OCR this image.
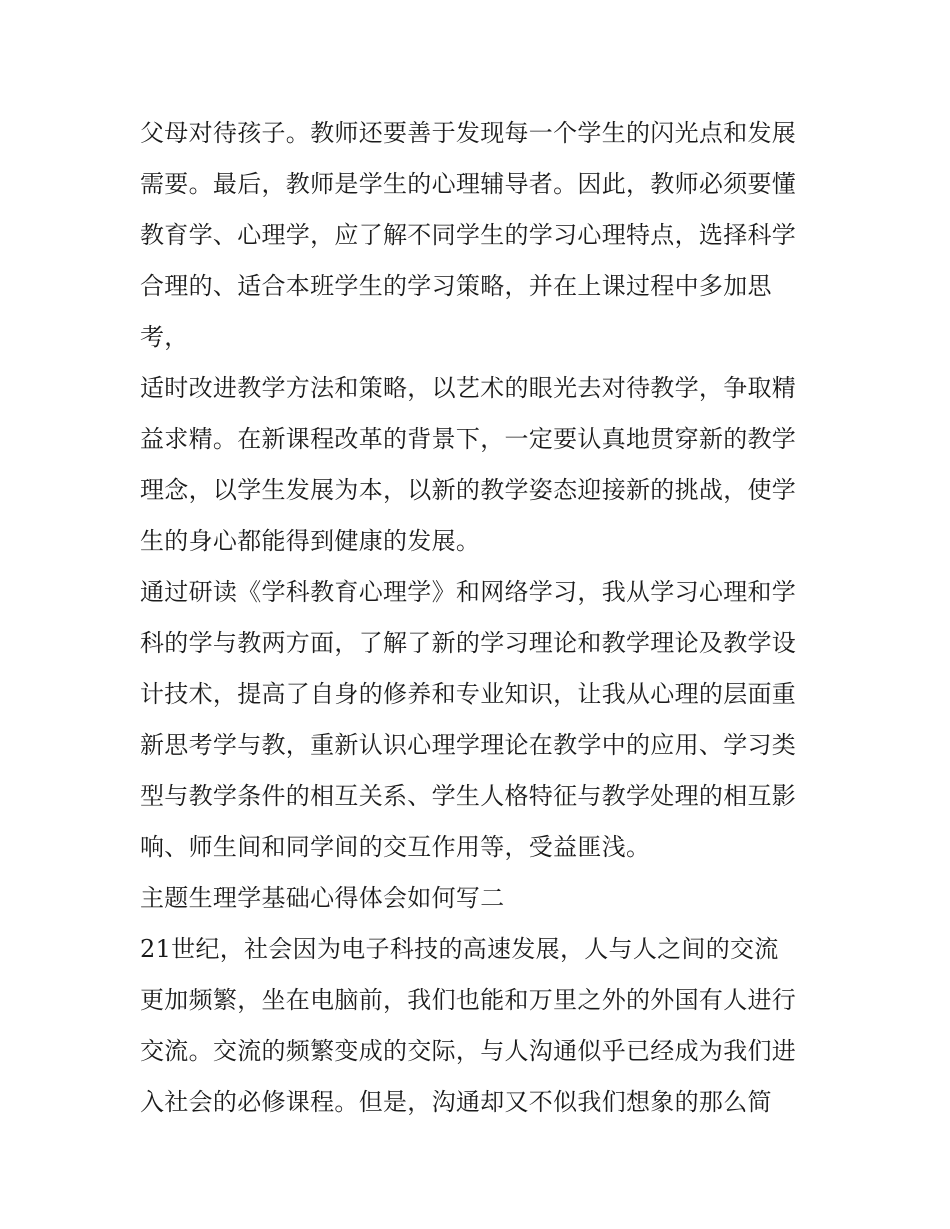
父母对待孩子。教师还要善于发现每一个学生的闪光点和发展
需要。最后，教师是学生的心理辅导者。因此，教师必须要懂
教育学、心理学，应了解不同学生的学习心理特点，选择科学
合理的、适合本班学生的学习策略，并在上课过程中多加思
考，
适时改进教学方法和策略，以艺术的眼光去对待教学，争取精
益求精。在新课程改革的背景下，一定要认真地贯穿新的教学
理念，以学生发展为本，以新的教学姿态迎接新的挑战，使学
生的身心都能得到健康的发展。
通过研读《学科教育心理学》和网络学习，我从学习心理和学
科的学与教两方面，了解了新的学习理论和教学理论及教学设
计技术，提高了自身的修养和专业知识，让我从心理的层面重
新思考学与教，重新认识心理学理论在教学中的应用、学习类
型与教学条件的相互关系、学生人格特征与教学处理的相互影
响、师生间和同学间的交互作用等，受益匪浅。
主题生理学基础心得体会如何写二
21世纪，社会因为电子科技的高速发展，人与人之间的交流
更加频繁，坐在电脑前，我们也能和万里之外的外国有人进行
交流。交流的频繁变成的交际，与人沟通似乎已经成为我们进
入社会的必修课程。但是，沟通却又不似我们想象的那么简
